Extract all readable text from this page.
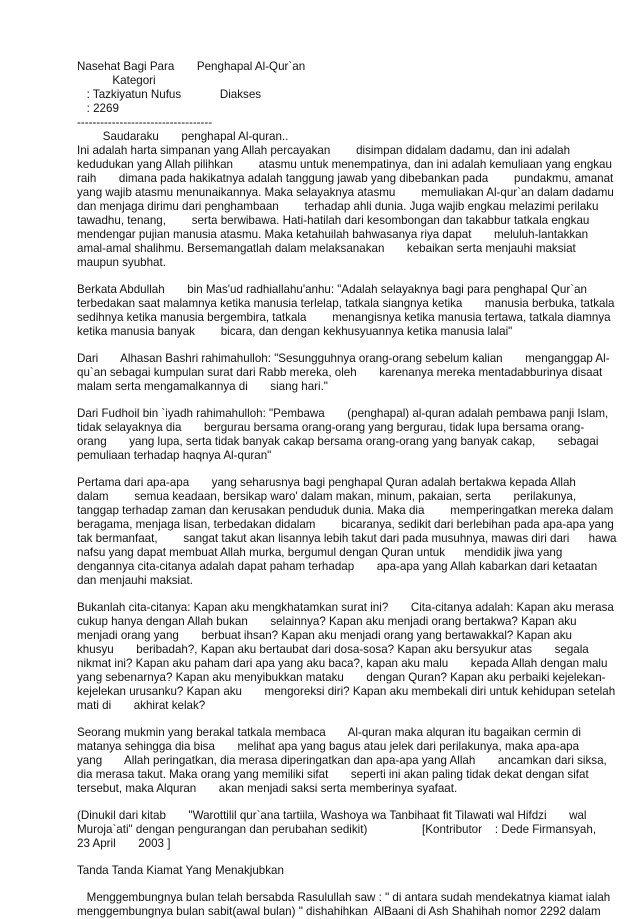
Nasehat Bagi Para       Penghapal Al-Qur`an
Kategori
: Tazkiyatun Nufus            Diakses
: 2269
-----------------------------------
Saudaraku       penghapal Al-quran..
Ini adalah harta simpanan yang Allah percayakan        disimpan didalam dadamu, dan ini adalah
kedudukan yang Allah pilihkan        atasmu untuk menempatinya, dan ini adalah kemuliaan yang engkau
raih       dimana pada hakikatnya adalah tanggung jawab yang dibebankan pada        pundakmu, amanat
yang wajib atasmu menunaikannya. Maka selayaknya atasmu        memuliakan Al-qur`an dalam dadamu
dan menjaga dirimu dari penghambaan        terhadap ahli dunia. Juga wajib engkau melazimi perilaku
tawadhu, tenang,        serta berwibawa. Hati-hatilah dari kesombongan dan takabbur tatkala engkau
mendengar pujian manusia atasmu. Maka ketahuilah bahwasanya riya dapat       meluluh-lantakkan
amal-amal shalihmu. Bersemangatlah dalam melaksanakan       kebaikan serta menjauhi maksiat
maupun syubhat.
Berkata Abdullah       bin Mas'ud radhiallahu'anhu: "Adalah selayaknya bagi para penghapal Qur`an
terbedakan saat malamnya ketika manusia terlelap, tatkala siangnya ketika       manusia berbuka, tatkala
sedihnya ketika manusia bergembira, tatkala        menangisnya ketika manusia tertawa, tatkala diamnya
ketika manusia banyak        bicara, dan dengan kekhusyuannya ketika manusia lalai"
Dari       Alhasan Bashri rahimahulloh: "Sesungguhnya orang-orang sebelum kalian       menganggap Al-
qu`an sebagai kumpulan surat dari Rabb mereka, oleh       karenanya mereka mentadabburinya disaat
malam serta mengamalkannya di       siang hari."
Dari Fudhoil bin `iyadh rahimahulloh: "Pembawa       (penghapal) al-quran adalah pembawa panji Islam,
tidak selayaknya dia       bergurau bersama orang-orang yang bergurau, tidak lupa bersama orang-
orang       yang lupa, serta tidak banyak cakap bersama orang-orang yang banyak cakap,       sebagai
pemuliaan terhadap haqnya Al-quran"
Pertama dari apa-apa       yang seharusnya bagi penghapal Quran adalah bertakwa kepada Allah
dalam        semua keadaan, bersikap waro' dalam makan, minum, pakaian, serta       perilakunya,
tanggap terhadap zaman dan kerusakan penduduk dunia. Maka dia        memperingatkan mereka dalam
beragama, menjaga lisan, terbedakan didalam        bicaranya, sedikit dari berlebihan pada apa-apa yang
tak bermanfaat,        sangat takut akan lisannya lebih takut dari pada musuhnya, mawas diri dari      hawa
nafsu yang dapat membuat Allah murka, bergumul dengan Quran untuk      mendidik jiwa yang
dengannya cita-citanya adalah dapat paham terhadap       apa-apa yang Allah kabarkan dari ketaatan
dan menjauhi maksiat.
Bukanlah cita-citanya: Kapan aku mengkhatamkan surat ini?       Cita-citanya adalah: Kapan aku merasa
cukup hanya dengan Allah bukan       selainnya? Kapan aku menjadi orang bertakwa? Kapan aku
menjadi orang yang       berbuat ihsan? Kapan aku menjadi orang yang bertawakkal? Kapan aku
khusyu       beribadah?, Kapan aku bertaubat dari dosa-sosa? Kapan aku bersyukur atas       segala
nikmat ini? Kapan aku paham dari apa yang aku baca?, kapan aku malu       kepada Allah dengan malu
yang sebenarnya? Kapan aku menyibukkan mataku       dengan Quran? Kapan aku perbaiki kejelekan-
kejelekan urusanku? Kapan aku       mengoreksi diri? Kapan aku membekali diri untuk kehidupan setelah
mati di       akhirat kelak?
Seorang mukmin yang berakal tatkala membaca       Al-quran maka alquran itu bagaikan cermin di
matanya sehingga dia bisa       melihat apa yang bagus atau jelek dari perilakunya, maka apa-apa
yang       Allah peringatkan, dia merasa diperingatkan dan apa-apa yang Allah       ancamkan dari siksa,
dia merasa takut. Maka orang yang memiliki sifat       seperti ini akan paling tidak dekat dengan sifat
tersebut, maka Alquran       akan menjadi saksi serta memberinya syafaat.
(Dinukil dari kitab       "Warottilil qur`ana tartiila, Washoya wa Tanbihaat fit Tilawati wal Hifdzi       wal
Muroja`ati" dengan pengurangan dan perubahan sedikit)                 [Kontributor    : Dede Firmansyah,
23 April       2003 ]
Tanda Tanda Kiamat Yang Menakjubkan
Menggembungnya bulan telah bersabda Rasulullah saw : " di antara sudah mendekatnya kiamat ialah
menggembungnya bulan sabit(awal bulan) " dishahihkan  AlBaani di Ash Shahihah nomor 2292 dalam
